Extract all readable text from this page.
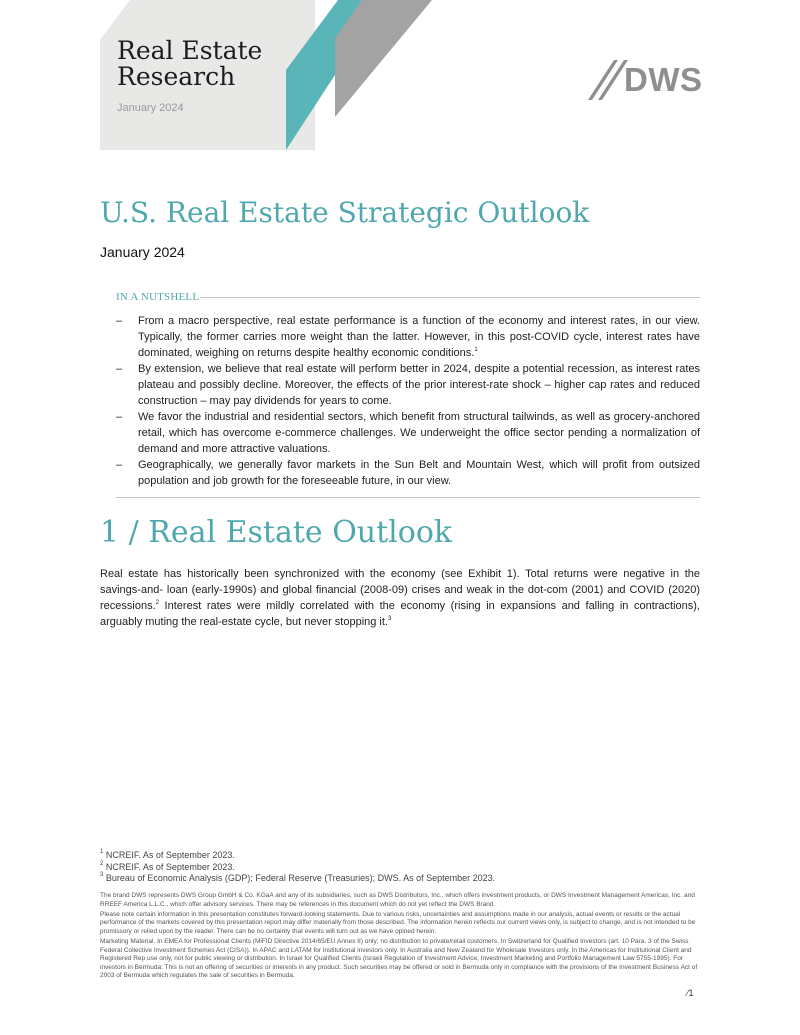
Real Estate
Research
January 2024
DWS
U.S. Real Estate Strategic Outlook
January 2024
IN A NUTSHELL
– From a macro perspective, real estate performance is a function of the economy and interest rates, in our view. Typically, the former carries more weight than the latter. However, in this post-COVID cycle, interest rates have dominated, weighing on returns despite healthy economic conditions.$^1$
– By extension, we believe that real estate will perform better in 2024, despite a potential recession, as interest rates plateau and possibly decline. Moreover, the effects of the prior interest-rate shock – higher cap rates and reduced construction – may pay dividends for years to come.
– We favor the industrial and residential sectors, which benefit from structural tailwinds, as well as grocery-anchored retail, which has overcome e-commerce challenges. We underweight the office sector pending a normalization of demand and more attractive valuations.
– Geographically, we generally favor markets in the Sun Belt and Mountain West, which will profit from outsized population and job growth for the foreseeable future, in our view.
1 / Real Estate Outlook

Real estate has historically been synchronized with the economy (see Exhibit 1). Total returns were negative in the savings-and- loan (early-1990s) and global financial (2008-09) crises and weak in the dot-com (2001) and COVID (2020) recessions.$^2$ Interest rates were mildly correlated with the economy (rising in expansions and falling in contractions), arguably muting the real-estate cycle, but never stopping it.$^3$

$^1$ NCREIF. As of September 2023.
$^2$ NCREIF. As of September 2023.
$^3$ Bureau of Economic Analysis (GDP); Federal Reserve (Treasuries); DWS. As of September 2023.

The brand DWS represents DWS Group GmbH & Co. KGaA and any of its subsidiaries, such as DWS Distributors, Inc., which offers investment products, or DWS Investment Management Americas, Inc. and RREEF America L.L.C., which offer advisory services. There may be references in this document which do not yet reflect the DWS Brand.

Please note certain information in this presentation constitutes forward-looking statements. Due to various risks, uncertainties and assumptions made in our analysis, actual events or results or the actual performance of the markets covered by this presentation report may differ materially from those described. The information herein reflects our current views only, is subject to change, and is not intended to be promissory or relied upon by the reader. There can be no certainty that events will turn out as we have opined herein.

Marketing Material. In EMEA for Professional Clients (MiFID Directive 2014/65/EU Annex II) only; no distribution to private/retail customers. In Switzerland for Qualified Investors (art. 10 Para. 3 of the Swiss Federal Collective Investment Schemes Act (CISA)). In APAC and LATAM for institutional investors only. In Australia and New Zealand for Wholesale Investors only. In the Americas for Institutional Client and Registered Rep use only, not for public viewing or distribution. In Israel for Qualified Clients (Israeli Regulation of Investment Advice, Investment Marketing and Portfolio Management Law 5755-1995). For investors in Bermuda: This is not an offering of securities or interests in any product. Such securities may be offered or sold in Bermuda only in compliance with the provisions of the Investment Business Act of 2003 of Bermuda which regulates the sale of securities in Bermuda.

⁄1
